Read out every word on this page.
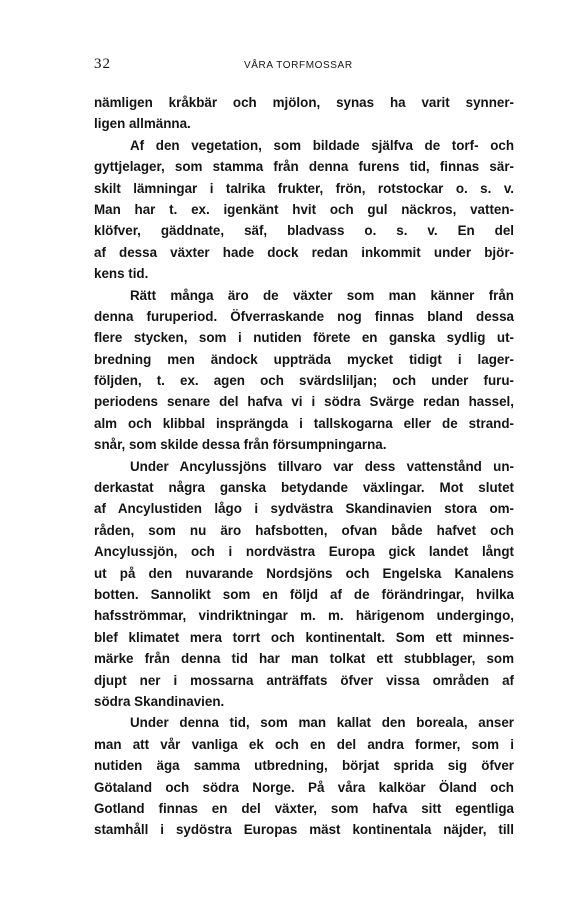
32	VÅRA TORFMOSSAR
nämligen kråkbär och mjölon, synas ha varit synner-
ligen allmänna.
Af den vegetation, som bildade själfva de torf- och
gyttjelager, som stamma från denna furens tid, finnas sär-
skilt lämningar i talrika frukter, frön, rotstockar o. s. v.
Man har t. ex. igenkänt hvit och gul näckros, vatten-
klöfver, gäddnate, säf, bladvass o. s. v. En del
af dessa växter hade dock redan inkommit under björ-
kens tid.
Rätt många äro de växter som man känner från
denna furuperiod. Öfverraskande nog finnas bland dessa
flere stycken, som i nutiden förete en ganska sydlig ut-
bredning men ändock uppträda mycket tidigt i lager-
följden, t. ex. agen och svärdsliljan; och under furu-
periodens senare del hafva vi i södra Svärge redan hassel,
alm och klibbal insprängda i tallskogarna eller de strand-
snår, som skilde dessa från försumpningarna.
Under Ancylussjöns tillvaro var dess vattenstånd un-
derkastat några ganska betydande växlingar. Mot slutet
af Ancylustiden lågo i sydvästra Skandinavien stora om-
råden, som nu äro hafsbotten, ofvan både hafvet och
Ancylussjön, och i nordvästra Europa gick landet långt
ut på den nuvarande Nordsjöns och Engelska Kanalens
botten. Sannolikt som en följd af de förändringar, hvilka
hafsströmmar, vindriktningar m. m. härigenom undergingo,
blef klimatet mera torrt och kontinentalt. Som ett minnes-
märke från denna tid har man tolkat ett stubblager, som
djupt ner i mossarna anträffats öfver vissa områden af
södra Skandinavien.
Under denna tid, som man kallat den boreala, anser
man att vår vanliga ek och en del andra former, som i
nutiden äga samma utbredning, börjat sprida sig öfver
Götaland och södra Norge. På våra kalköar Öland och
Gotland finnas en del växter, som hafva sitt egentliga
stamhåll i sydöstra Europas mäst kontinentala näjder, till
